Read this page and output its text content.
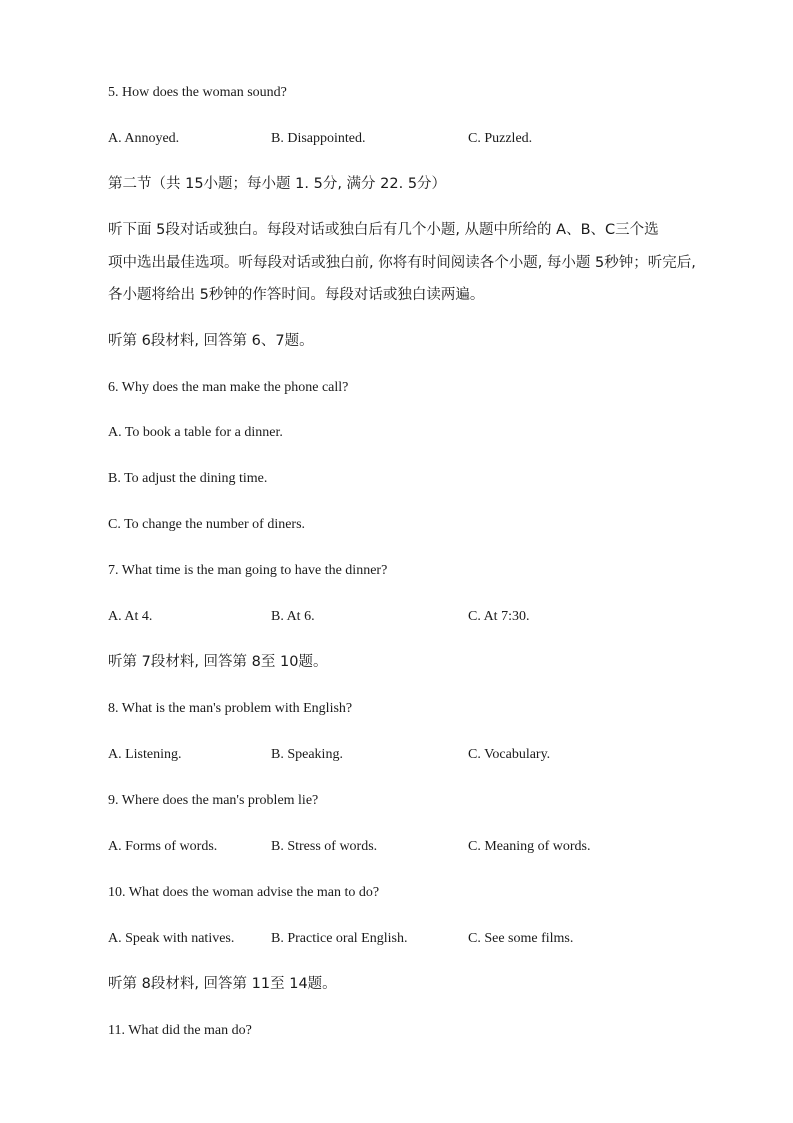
5. How does the woman sound?
A. Annoyed.	B. Disappointed.	C. Puzzled.
第二节（共 15小题；每小题 1. 5分, 满分 22. 5分）
听下面 5段对话或独白。每段对话或独白后有几个小题, 从题中所给的 A、B、C三个选
项中选出最佳选项。听每段对话或独白前, 你将有时间阅读各个小题, 每小题 5秒钟；听完后,
各小题将给出 5秒钟的作答时间。每段对话或独白读两遍。
听第 6段材料, 回答第 6、7题。
6. Why does the man make the phone call?
A. To book a table for a dinner.
B. To adjust the dining time.
C. To change the number of diners.
7. What time is the man going to have the dinner?
A. At 4.	B. At 6.	C. At 7:30.
听第 7段材料, 回答第 8至 10题。
8. What is the man's problem with English?
A. Listening.	B. Speaking.	C. Vocabulary.
9. Where does the man's problem lie?
A. Forms of words.	B. Stress of words.	C. Meaning of words.
10. What does the woman advise the man to do?
A. Speak with natives.	B. Practice oral English.	C. See some films.
听第 8段材料, 回答第 11至 14题。
11. What did the man do?
